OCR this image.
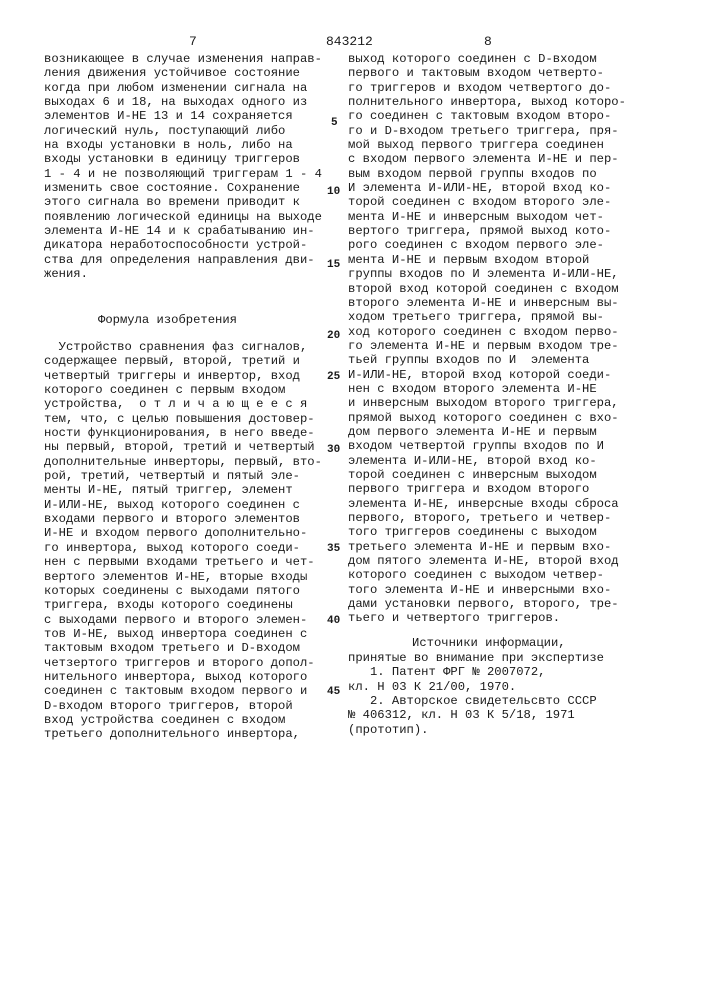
7	843212	8
возникающее в случае изменения направ-
ления движения устойчивое состояние
когда при любом изменении сигнала на
выходах 6 и 18, на выходах одного из
элементов И-НЕ 13 и 14 сохраняется
логический нуль, поступающий либо
на входы установки в ноль, либо на
входы установки в единицу триггеров
1 - 4 и не позволяющий триггерам 1 - 4
изменить свое состояние. Сохранение
этого сигнала во времени приводит к
появлению логической единицы на выходе
элемента И-НЕ 14 и к срабатыванию ин-
дикатора неработоспособности устрой-
ства для определения направления дви-
жения.
Формула изобретения
Устройство сравнения фаз сигналов,
содержащее первый, второй, третий и
четвертый триггеры и инвертор, вход
которого соединен с первым входом
устройства,  о т л и ч а ю щ е е с я
тем, что, с целью повышения достовер-
ности функционирования, в него введе-
ны первый, второй, третий и четвертый
дополнительные инверторы, первый, вто-
рой, третий, четвертый и пятый эле-
менты И-НЕ, пятый триггер, элемент
И-ИЛИ-НЕ, выход которого соединен с
входами первого и второго элементов
И-НЕ и входом первого дополнительно-
го инвертора, выход которого соеди-
нен с первыми входами третьего и чет-
вертого элементов И-НЕ, вторые входы
которых соединены с выходами пятого
триггера, входы которого соединены
с выходами первого и второго элемен-
тов И-НЕ, выход инвертора соединен с
тактовым входом третьего и D-входом
четзертого триггеров и второго допол-
нительного инвертора, выход которого
соединен с тактовым входом первого и
D-входом второго триггеров, второй
вход устройства соединен с входом
третьего дополнительного инвертора,
выход которого соединен с D-входом
первого и тактовым входом четверто-
го триггеров и входом четвертого до-
полнительного инвертора, выход которо-
го соединен с тактовым входом второ-
го и D-входом третьего триггера, пря-
мой выход первого триггера соединен
с входом первого элемента И-НЕ и пер-
вым входом первой группы входов по
И элемента И-ИЛИ-НЕ, второй вход ко-
торой соединен с входом второго эле-
мента И-НЕ и инверсным выходом чет-
вертого триггера, прямой выход кото-
рого соединен с входом первого эле-
мента И-НЕ и первым входом второй
группы входов по И элемента И-ИЛИ-НЕ,
второй вход которой соединен с входом
второго элемента И-НЕ и инверсным вы-
ходом третьего триггера, прямой вы-
ход которого соединен с входом перво-
го элемента И-НЕ и первым входом тре-
тьей группы входов по И  элемента
И-ИЛИ-НЕ, второй вход которой соеди-
нен с входом второго элемента И-НЕ
и инверсным выходом второго триггера,
прямой выход которого соединен с вхо-
дом первого элемента И-НЕ и первым
входом четвертой группы входов по И
элемента И-ИЛИ-НЕ, второй вход ко-
торой соединен с инверсным выходом
первого триггера и входом второго
элемента И-НЕ, инверсные входы сброса
первого, второго, третьего и четвер-
того триггеров соединены с выходом
третьего элемента И-НЕ и первым вхо-
дом пятого элемента И-НЕ, второй вход
которого соединен с выходом четвер-
того элемента И-НЕ и инверсными вхо-
дами установки первого, второго, тре-
тьего и четвертого триггеров.
Источники информации,
принятые во внимание при экспертизе
1. Патент ФРГ № 2007072,
кл. Н 03 К 21/00, 1970.
2. Авторское свидетельсвто СССР
№ 406312, кл. Н 03 К 5/18, 1971
(прототип).
5
10
15
20
25
30
35
40
45
